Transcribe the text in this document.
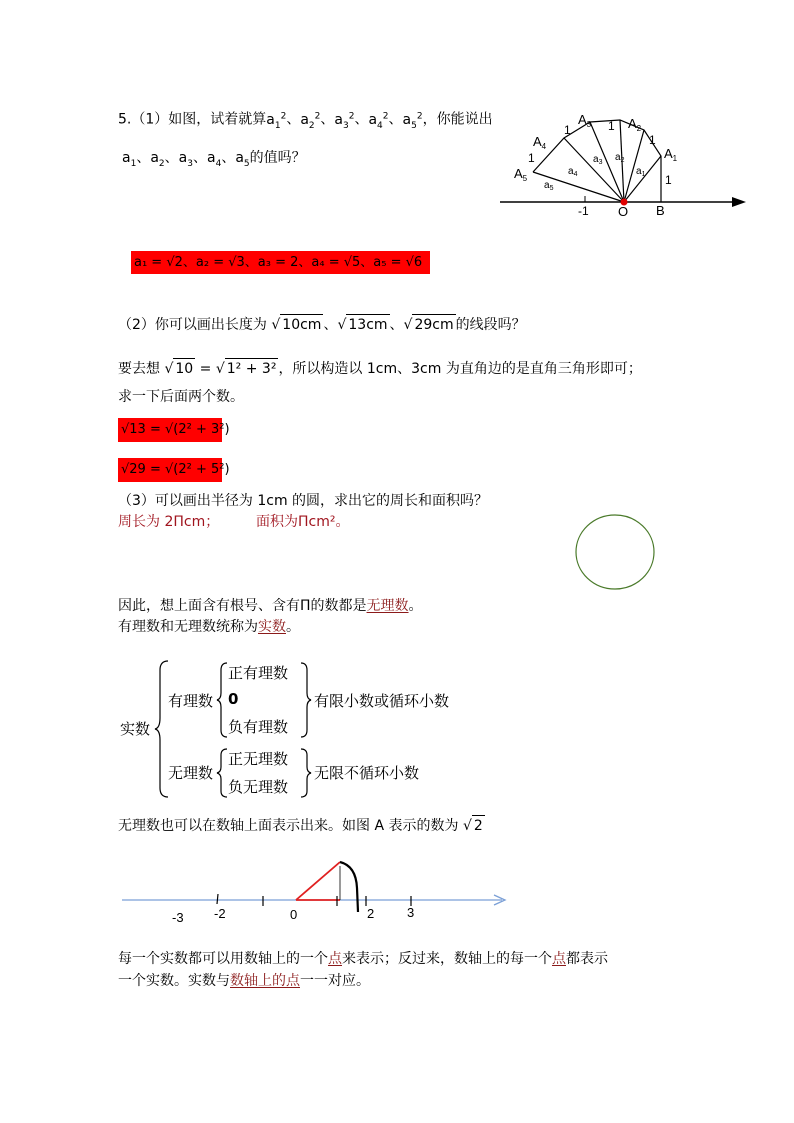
5.（1）如图，试着就算$a_1^2$、$a_2^2$、$a_3^2$、$a_4^2$、$a_5^2$，你能说出
$a_1$、$a_2$、$a_3$、$a_4$、$a_5$的值吗？	$A_1$
$A_2$
$A_3$
$A_4$
$A_5$	1
1
1
1
1
$a_1$
$a_2$
$a_3$
$a_4$
$a_5$
-1 O B
a₁ = √2、a₂ = √3、a₃ = 2、a₄ = √5、a₅ = √6
（2）你可以画出长度为 √ 10cm 、√ 13cm 、√ 29cm 的线段吗？
要去想 √ 10 = √ 1² + 3² ，所以构造以 1cm、3cm 为直角边的是直角三角形即可；
求一下后面两个数。
√13 = √(2² + 3²)
√29 = √(2² + 5²)
（3）可以画出半径为 1cm 的圆，求出它的周长和面积吗？
周长为 2Πcm；	面积为Πcm²。
因此，想上面含有根号、含有Π的数都是无理数。
有理数和无理数统称为实数。
实数
有理数
正有理数
0
负有理数
有限小数或循环小数
无理数
正无理数
负无理数
无限不循环小数
无理数也可以在数轴上面表示出来。如图 A 表示的数为 √ 2
-3 -2	0	2	3
每一个实数都可以用数轴上的一个点来表示；反过来，数轴上的每一个点都表示
一个实数。实数与数轴上的点一一对应。
